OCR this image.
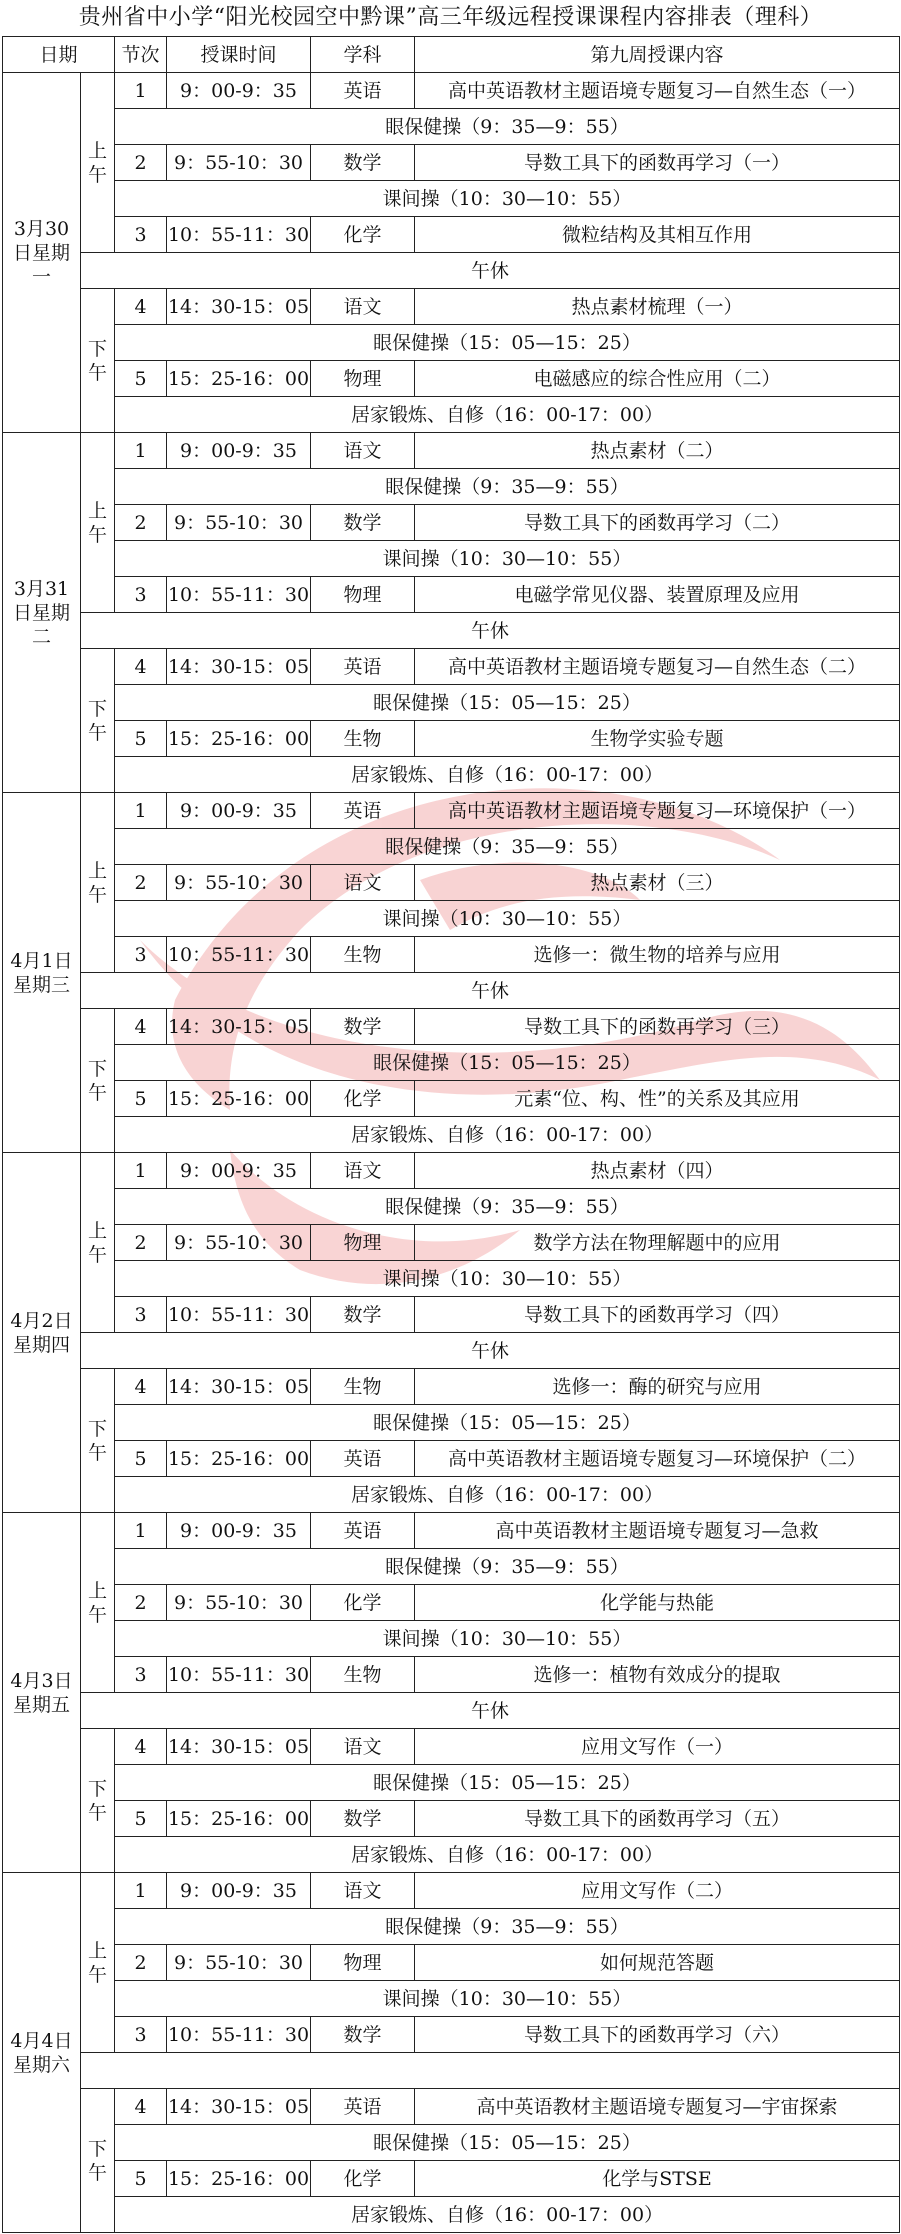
贵州省中小学“阳光校园空中黔课”高三年级远程授课课程内容排表（理科）
日期		节次	授课时间	学科	第九周授课内容
3月30日星期一	上午	1	9：00-9：35	英语	高中英语教材主题语境专题复习—自然生态（一）
		眼保健操（9：35—9：55）			
		2	9：55-10：30	数学	导数工具下的函数再学习（一）
		课间操（10：30—10：55）			
		3	10：55-11：30	化学	微粒结构及其相互作用
	午休				
	下午	4	14：30-15：05	语文	热点素材梳理（一）
		眼保健操（15：05—15：25）			
		5	15：25-16：00	物理	电磁感应的综合性应用（二）
		居家锻炼、自修（16：00-17：00）			
3月31日星期二	上午	1	9：00-9：35	语文	热点素材（二）
		眼保健操（9：35—9：55）			
		2	9：55-10：30	数学	导数工具下的函数再学习（二）
		课间操（10：30—10：55）			
		3	10：55-11：30	物理	电磁学常见仪器、装置原理及应用
	午休				
	下午	4	14：30-15：05	英语	高中英语教材主题语境专题复习—自然生态（二）
		眼保健操（15：05—15：25）			
		5	15：25-16：00	生物	生物学实验专题
		居家锻炼、自修（16：00-17：00）			
4月1日星期三	上午	1	9：00-9：35	英语	高中英语教材主题语境专题复习—环境保护（一）
		眼保健操（9：35—9：55）			
		2	9：55-10：30	语文	热点素材（三）
		课间操（10：30—10：55）			
		3	10：55-11：30	生物	选修一：微生物的培养与应用
	午休				
	下午	4	14：30-15：05	数学	导数工具下的函数再学习（三）
		眼保健操（15：05—15：25）			
		5	15：25-16：00	化学	元素“位、构、性”的关系及其应用
		居家锻炼、自修（16：00-17：00）			
4月2日星期四	上午	1	9：00-9：35	语文	热点素材（四）
		眼保健操（9：35—9：55）			
		2	9：55-10：30	物理	数学方法在物理解题中的应用
		课间操（10：30—10：55）			
		3	10：55-11：30	数学	导数工具下的函数再学习（四）
	午休				
	下午	4	14：30-15：05	生物	选修一：酶的研究与应用
		眼保健操（15：05—15：25）			
		5	15：25-16：00	英语	高中英语教材主题语境专题复习—环境保护（二）
		居家锻炼、自修（16：00-17：00）			
4月3日星期五	上午	1	9：00-9：35	英语	高中英语教材主题语境专题复习—急救
		眼保健操（9：35—9：55）			
		2	9：55-10：30	化学	化学能与热能
		课间操（10：30—10：55）			
		3	10：55-11：30	生物	选修一：植物有效成分的提取
	午休				
	下午	4	14：30-15：05	语文	应用文写作（一）
		眼保健操（15：05—15：25）			
		5	15：25-16：00	数学	导数工具下的函数再学习（五）
		居家锻炼、自修（16：00-17：00）			
4月4日星期六	上午	1	9：00-9：35	语文	应用文写作（二）
		眼保健操（9：35—9：55）			
		2	9：55-10：30	物理	如何规范答题
		课间操（10：30—10：55）			
		3	10：55-11：30	数学	导数工具下的函数再学习（六）

	下午	4	14：30-15：05	英语	高中英语教材主题语境专题复习—宇宙探索
		眼保健操（15：05—15：25）			
		5	15：25-16：00	化学	化学与STSE
		居家锻炼、自修（16：00-17：00）			
